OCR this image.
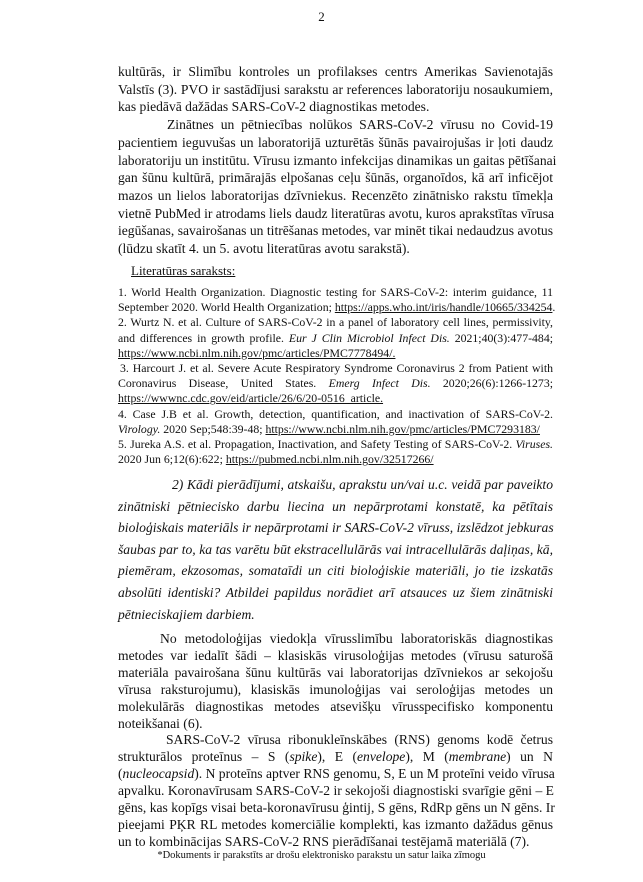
2
kultūrās, ir Slimību kontroles un profilakses centrs Amerikas Savienotajās
Valstīs (3). PVO ir sastādījusi sarakstu ar references laboratoriju nosaukumiem,
kas piedāvā dažādas SARS-CoV-2 diagnostikas metodes.
Zinātnes un pētniecības nolūkos SARS-CoV-2 vīrusu no Covid-19
pacientiem ieguvušas un laboratorijā uzturētās šūnās pavairojušas ir ļoti daudz
laboratoriju un institūtu. Vīrusu izmanto infekcijas dinamikas un gaitas pētīšanai
gan šūnu kultūrā, primārajās elpošanas ceļu šūnās, organoīdos, kā arī inficējot
mazos un lielos laboratorijas dzīvniekus. Recenzēto zinātnisko rakstu tīmekļa
vietnē PubMed ir atrodams liels daudz literatūras avotu, kuros aprakstītas vīrusa
iegūšanas, savairošanas un titrēšanas metodes, var minēt tikai nedaudzus avotus
(lūdzu skatīt 4. un 5. avotu literatūras avotu sarakstā).
Literatūras saraksts:
1. World Health Organization. Diagnostic testing for SARS-CoV-2: interim guidance, 11
September 2020. World Health Organization; https://apps.who.int/iris/handle/10665/334254.
2. Wurtz N. et al. Culture of SARS-CoV-2 in a panel of laboratory cell lines, permissivity,
and differences in growth profile. Eur J Clin Microbiol Infect Dis. 2021;40(3):477-484;
https://www.ncbi.nlm.nih.gov/pmc/articles/PMC7778494/.
3. Harcourt J. et al. Severe Acute Respiratory Syndrome Coronavirus 2 from Patient with
Coronavirus Disease, United States. Emerg Infect Dis. 2020;26(6):1266-1273;
https://wwwnc.cdc.gov/eid/article/26/6/20-0516_article.
4. Case J.B et al. Growth, detection, quantification, and inactivation of SARS-CoV-2.
Virology. 2020 Sep;548:39-48; https://www.ncbi.nlm.nih.gov/pmc/articles/PMC7293183/
5. Jureka A.S. et al. Propagation, Inactivation, and Safety Testing of SARS-CoV-2. Viruses.
2020 Jun 6;12(6):622; https://pubmed.ncbi.nlm.nih.gov/32517266/
2) Kādi pierādījumi, atskaišu, aprakstu un/vai u.c. veidā par paveikto
zinātniski pētniecisko darbu liecina un nepārprotami konstatē, ka pētītais
bioloģiskais materiāls ir nepārprotami ir SARS-CoV-2 vīruss, izslēdzot jebkuras
šaubas par to, ka tas varētu būt ekstracellulārās vai intracellulārās daļiņas, kā,
piemēram, ekzosomas, somataīdi un citi bioloģiskie materiāli, jo tie izskatās
absolūti identiski? Atbildei papildus norādiet arī atsauces uz šiem zinātniski
pētnieciskajiem darbiem.
No metodoloģijas viedokļa vīrusslimību laboratoriskās diagnostikas
metodes var iedalīt šādi – klasiskās virusoloģijas metodes (vīrusu saturošā
materiāla pavairošana šūnu kultūrās vai laboratorijas dzīvniekos ar sekojošu
vīrusa raksturojumu), klasiskās imunoloģijas vai seroloģijas metodes un
molekulārās diagnostikas metodes atsevišķu vīrusspecifisko komponentu
noteikšanai (6).
SARS-CoV-2 vīrusa ribonukleīnskābes (RNS) genoms kodē četrus
strukturālos proteīnus – S (spike), E (envelope), M (membrane) un N
(nucleocapsid). N proteīns aptver RNS genomu, S, E un M proteīni veido vīrusa
apvalku. Koronavīrusam SARS-CoV-2 ir sekojoši diagnostiski svarīgie gēni – E
gēns, kas kopīgs visai beta-koronavīrusu ģintij, S gēns, RdRp gēns un N gēns. Ir
pieejami PĶR RL metodes komerciālie komplekti, kas izmanto dažādus gēnus
un to kombinācijas SARS-CoV-2 RNS pierādīšanai testējamā materiālā (7).
*Dokuments ir parakstīts ar drošu elektronisko parakstu un satur laika zīmogu
